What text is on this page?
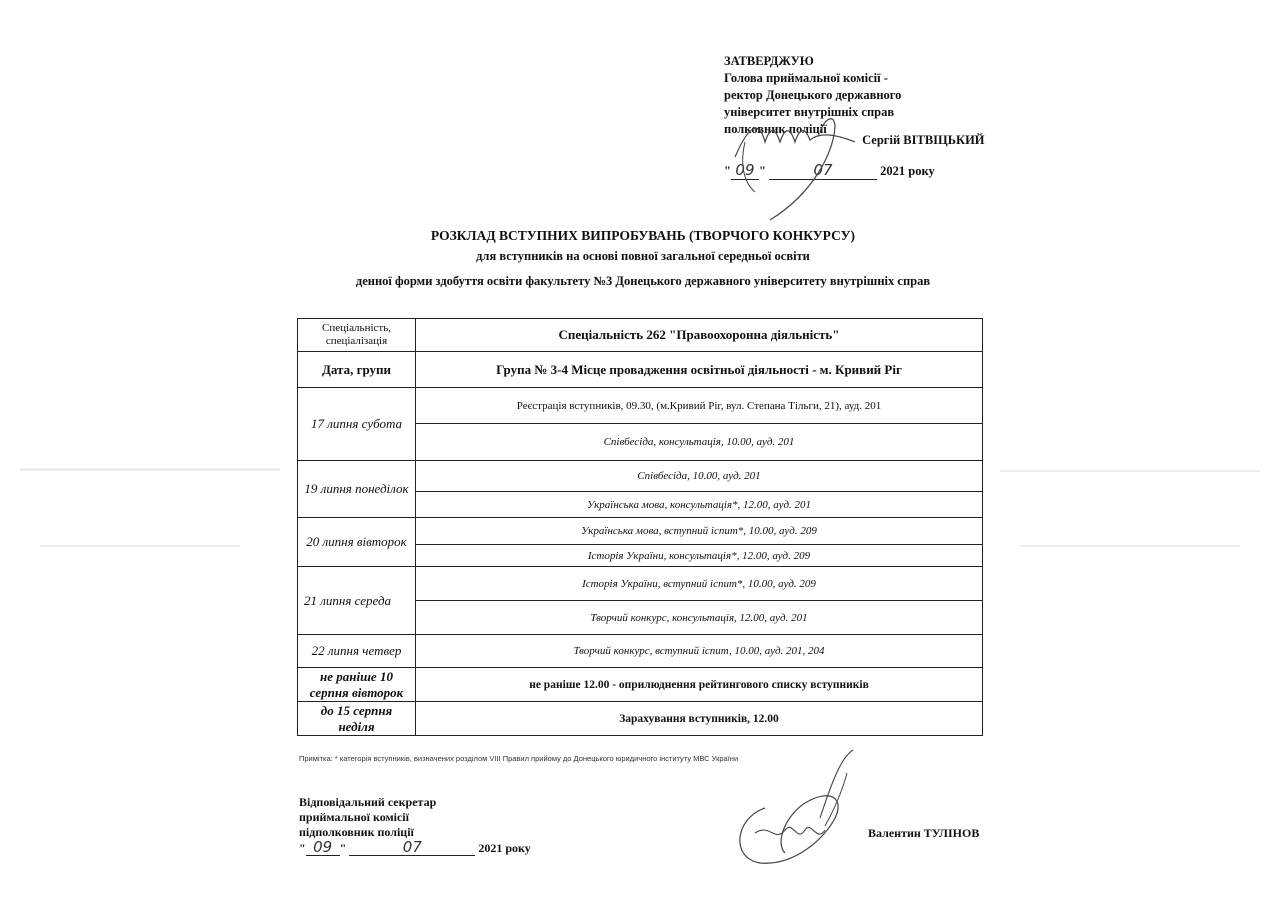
ЗАТВЕРДЖУЮ
Голова приймальної комісії -
ректор Донецького державного
університет внутрішніх справ
полковник поліції
Сергій ВІТВІЦЬКИЙ
" 09 "	07	2021 року
РОЗКЛАД ВСТУПНИХ ВИПРОБУВАНЬ (ТВОРЧОГО КОНКУРСУ)
для вступників на основі повної загальної середньої освіти
денної форми здобуття освіти факультету №3 Донецького державного університету внутрішніх справ
Спеціальність, спеціалізація	Спеціальність 262 "Правоохоронна діяльність"
Дата, групи	Група № 3-4 Місце провадження освітньої діяльності - м. Кривий Ріг
17 липня субота	Реєстрація вступників, 09.30, (м.Кривий Ріг, вул. Степана Тільги, 21), ауд. 201
	Співбесіда, консультація, 10.00, ауд. 201
19 липня понеділок	Співбесіда, 10.00, ауд. 201
	Українська мова, консультація*, 12.00, ауд. 201
20 липня вівторок	Українська мова, вступний іспит*, 10.00, ауд. 209
	Історія України, консультація*, 12.00, ауд. 209
21 липня середа	Історія України, вступний іспит*, 10.00, ауд. 209
	Творчий конкурс, консультація, 12.00, ауд. 201
22 липня четвер	Творчий конкурс, вступний іспит, 10.00, ауд. 201, 204
не раніше 10 серпня вівторок	не раніше 12.00 - оприлюднення рейтингового списку вступників
до 15 серпня неділя	Зарахування вступників, 12.00
Примітка: * категорія вступників, визначених розділом VIII Правил прийому до Донецького юридичного інституту МВС України
Відповідальний секретар
приймальної комісії
підполковник поліції
" 09 "	07	2021 року
Валентин ТУЛІНОВ
